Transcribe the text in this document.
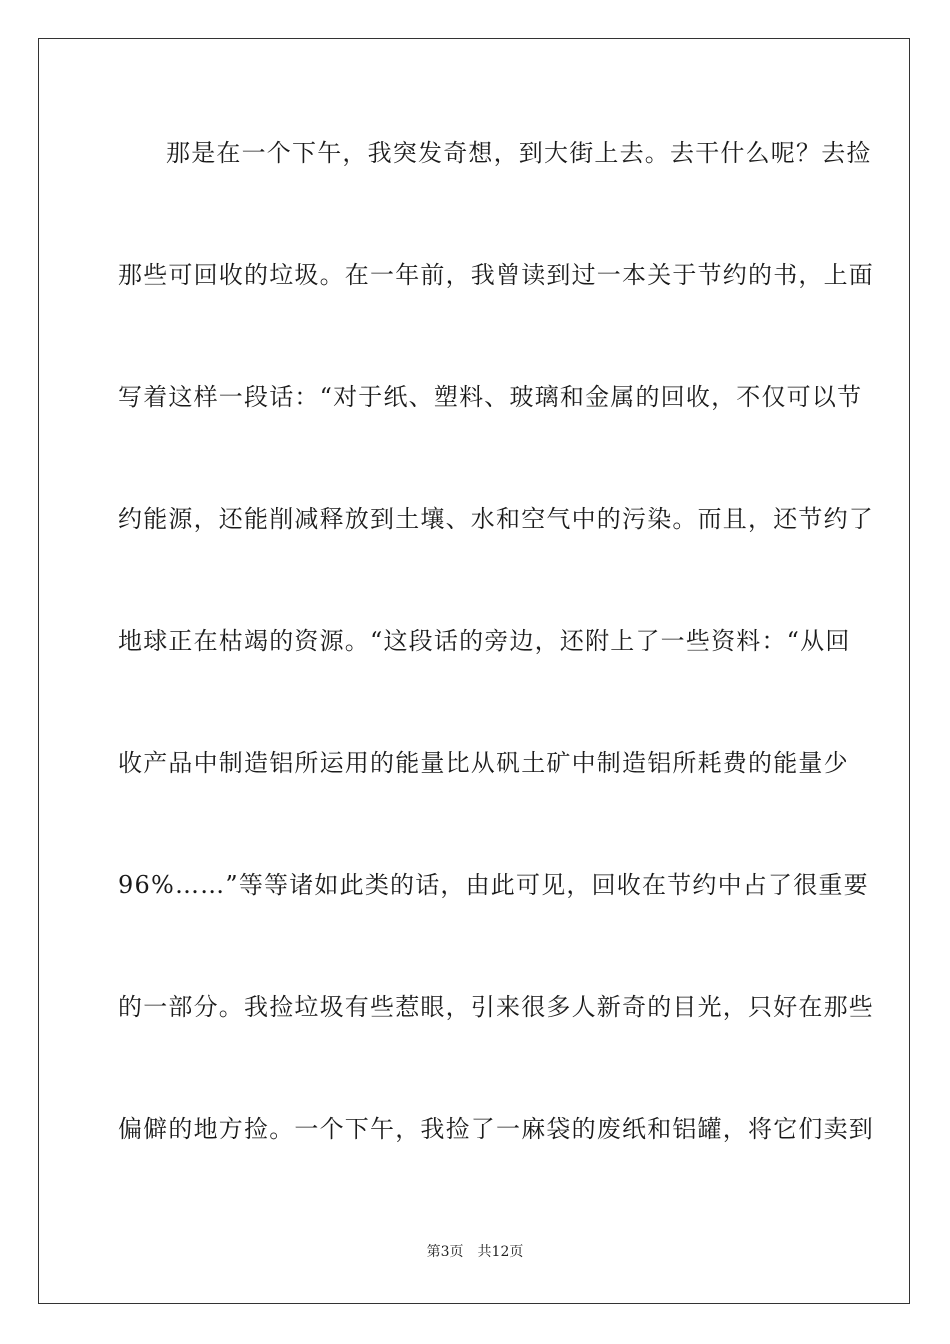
那是在一个下午，我突发奇想，到大街上去。去干什么呢？去捡
那些可回收的垃圾。在一年前，我曾读到过一本关于节约的书，上面
写着这样一段话：“对于纸、塑料、玻璃和金属的回收，不仅可以节
约能源，还能削减释放到土壤、水和空气中的污染。而且，还节约了
地球正在枯竭的资源。“这段话的旁边，还附上了一些资料：“从回
收产品中制造铝所运用的能量比从矾土矿中制造铝所耗费的能量少
96%……”等等诸如此类的话，由此可见，回收在节约中占了很重要
的一部分。我捡垃圾有些惹眼，引来很多人新奇的目光，只好在那些
偏僻的地方捡。一个下午，我捡了一麻袋的废纸和铝罐，将它们卖到
第3页 共12页
